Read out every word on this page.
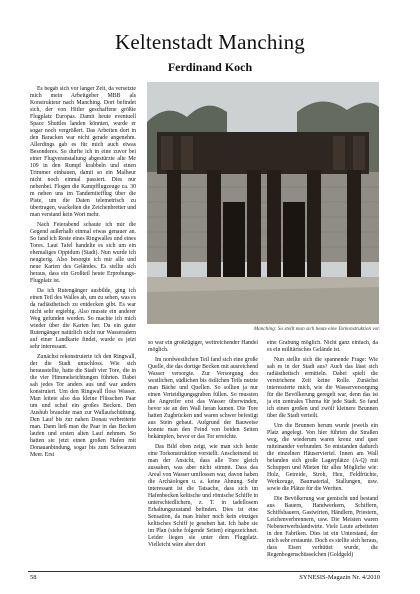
Keltenstadt Manching
Ferdinand Koch

Es begab sich vor langer Zeit, da versetzte mich mein Arbeitgeber MBB als Konstrukteur nach Manching. Dort befindet sich, der von Hitler geschaffene größte Flugplatz Europas. Damit heute eventuell Space Shuttles landen könnten, wurde er sogar noch vergrößert. Das Arbeiten dort in den Baracken war nicht gerade angenehm. Allerdings gab es für mich auch etwas Besonderes. So durfte ich in eine zuvor bei einer Flugveranstaltung abgestürzte alte Me 109 in den Rumpf krabbeln und einen Trimmer einbauen, damit so ein Malheur nicht noch einmal passiert. Dies nur nebenbei. Flogen die Kampfflugzeuge ca. 30 m neben uns im Tandemtiefflug über die Piste, um die Daten telemetrisch zu übertragen, wackelten die Zeichenbretter und man verstand kein Wort mehr.

Nach Feierabend schaute ich mir die Gegend außerhalb einmal etwas genauer an. So fand ich Reste eines Ringwalles und eines Tores. Laut Tafel handelte es sich um ein ehemaliges Oppidum (Stadt). Nun wurde ich neugierig. Also besorgte ich mir alle und neue Karten des Geländes. Es stellte sich heraus, dass ein Großteil heute Erprobungs-Flugplatz ist.

Da ich Rutengänger ausbilde, ging ich einen Teil des Walles ab, um zu sehen, was es da radiästhetisch zu entdecken gibt. Es war nicht sehr ergiebig. Also musste ein anderer Weg gefunden werden. So machte ich mich wieder über die Karten her. Da ein guter Rutengänger natürlich nicht nur Wasseradern auf einer Landkarte findet, wurde es jetzt sehr interessant.

Zunächst rekonstruierte ich den Ringwall, der die Stadt umschloss. Wie sich herausstellte, hatte die Stadt vier Tore, die in die vier Himmelsrichtungen führten. Dabei sah jedes Tor anders aus und war anders konstruiert. Um den Ringwall floss Wasser. Man leitete also das kleine Flüsschen Paar um und schuf ein großes Becken. Den Aushub brauchte man zur Wallaufschüttung. Den Lauf bis zur nahen Donau verbreiterte man. Dann ließ man die Paar in das Becken laufen und ersten alten Lauf nehmen. So hatten sie jetzt einen großen Hafen mit Donauanbindung, sogar bis zum Schwarzen Meer. Erst

Manching: So stellt man sich heute eine Torkonstruktion vor.

so war ein großzügiger, weitreichender Handel möglich.

Im nordwestlichen Teil fand sich eine große Quelle, die das dortige Becken mit ausreichend Wasser versorgte. Zur Versorgung des westlichen, südlichen bis östlichen Teils nutzte man Bäche und Quellen. So sollten ja nur einen Verteidigungsgraben füllen. So mussten die Angreifer erst das Wasser überwinden, bevor sie an den Wall heran kamen. Die Tore hatten Zugbrücken und waren schwer befestigt aus Stein gebaut. Aufgrund der Bauweise konnte man den Feind von beiden Seiten bekämpfen, bevor er das Tor erreichte.

Das Bild oben zeigt, wie man sich heute eine Torkonstruktion vorstellt. Anscheinend ist man der Ansicht, dass alle Tore gleich aussahen, was aber nicht stimmt. Dass das Areal von Wasser umflossen war, davon haben die Archäologen u. a. keine Ahnung. Sehr interessant ist die Tatsache, dass sich im Hafenbecken keltische und römische Schiffe in unterschiedlichem, z. T. in tadellosem Erhaltungszustand befinden. Dies ist eine Sensation, da man bisher noch kein einziges keltisches Schiff je gesehen hat. Ich habe sie im Plan (siehe folgende Seiten) eingezeichnet. Leider liegen sie unter dem Flugplatz. Vielleicht wäre aber dort

eine Grabung möglich. Nicht ganz einfach, da es ein militärisches Gelände ist.

Nun stellte sich die spannende Frage: Wie sah es in der Stadt aus? Auch das lässt sich radiästhetisch ermitteln. Dabei spielt die verstrichene Zeit keine Rolle. Zunächst interessierte mich, wie die Wasserversorgung für die Bevölkerung geregelt war, denn das ist ja ein zentrales Thema für jede Stadt. So fand ich einen großen und zwölf kleinere Brunnen über die Stadt verteilt.

Um die Brunnen herum wurde jeweils ein Platz angelegt. Von hier führten die Straßen weg, die wiederum waren kreuz und quer miteinander verbunden. So entstanden dadurch die einzelnen Häuserviertel. Innen am Wall befanden sich große Lagerplätze (A-Q) mit Schuppen und Mieten für alles Mögliche wie: Holz, Getreide, Stroh, Heu, Feldfrüchte, Werkzeuge, Baumaterial, Stallungen, usw. sowie die Plätze für die Werften.

Die Bevölkerung war gemischt und bestand aus Bauern, Handwerkern, Schiffern, Schiffsbauern, Gastwirten, Händlern, Priestern, Leichenverbrennern, usw. Die Meisten waren Nebenerwerbslandwirte. Viele Leute arbeiteten in den Fabriken. Dies ist ein Unterstand, der mich sehr erstaunte. Doch es stellte sich heraus, dass Eisen verhüttet wurde, die Regenbogenschüsselchen (Goldgeld)

58	SYNESIS-Magazin Nr. 4/2010
